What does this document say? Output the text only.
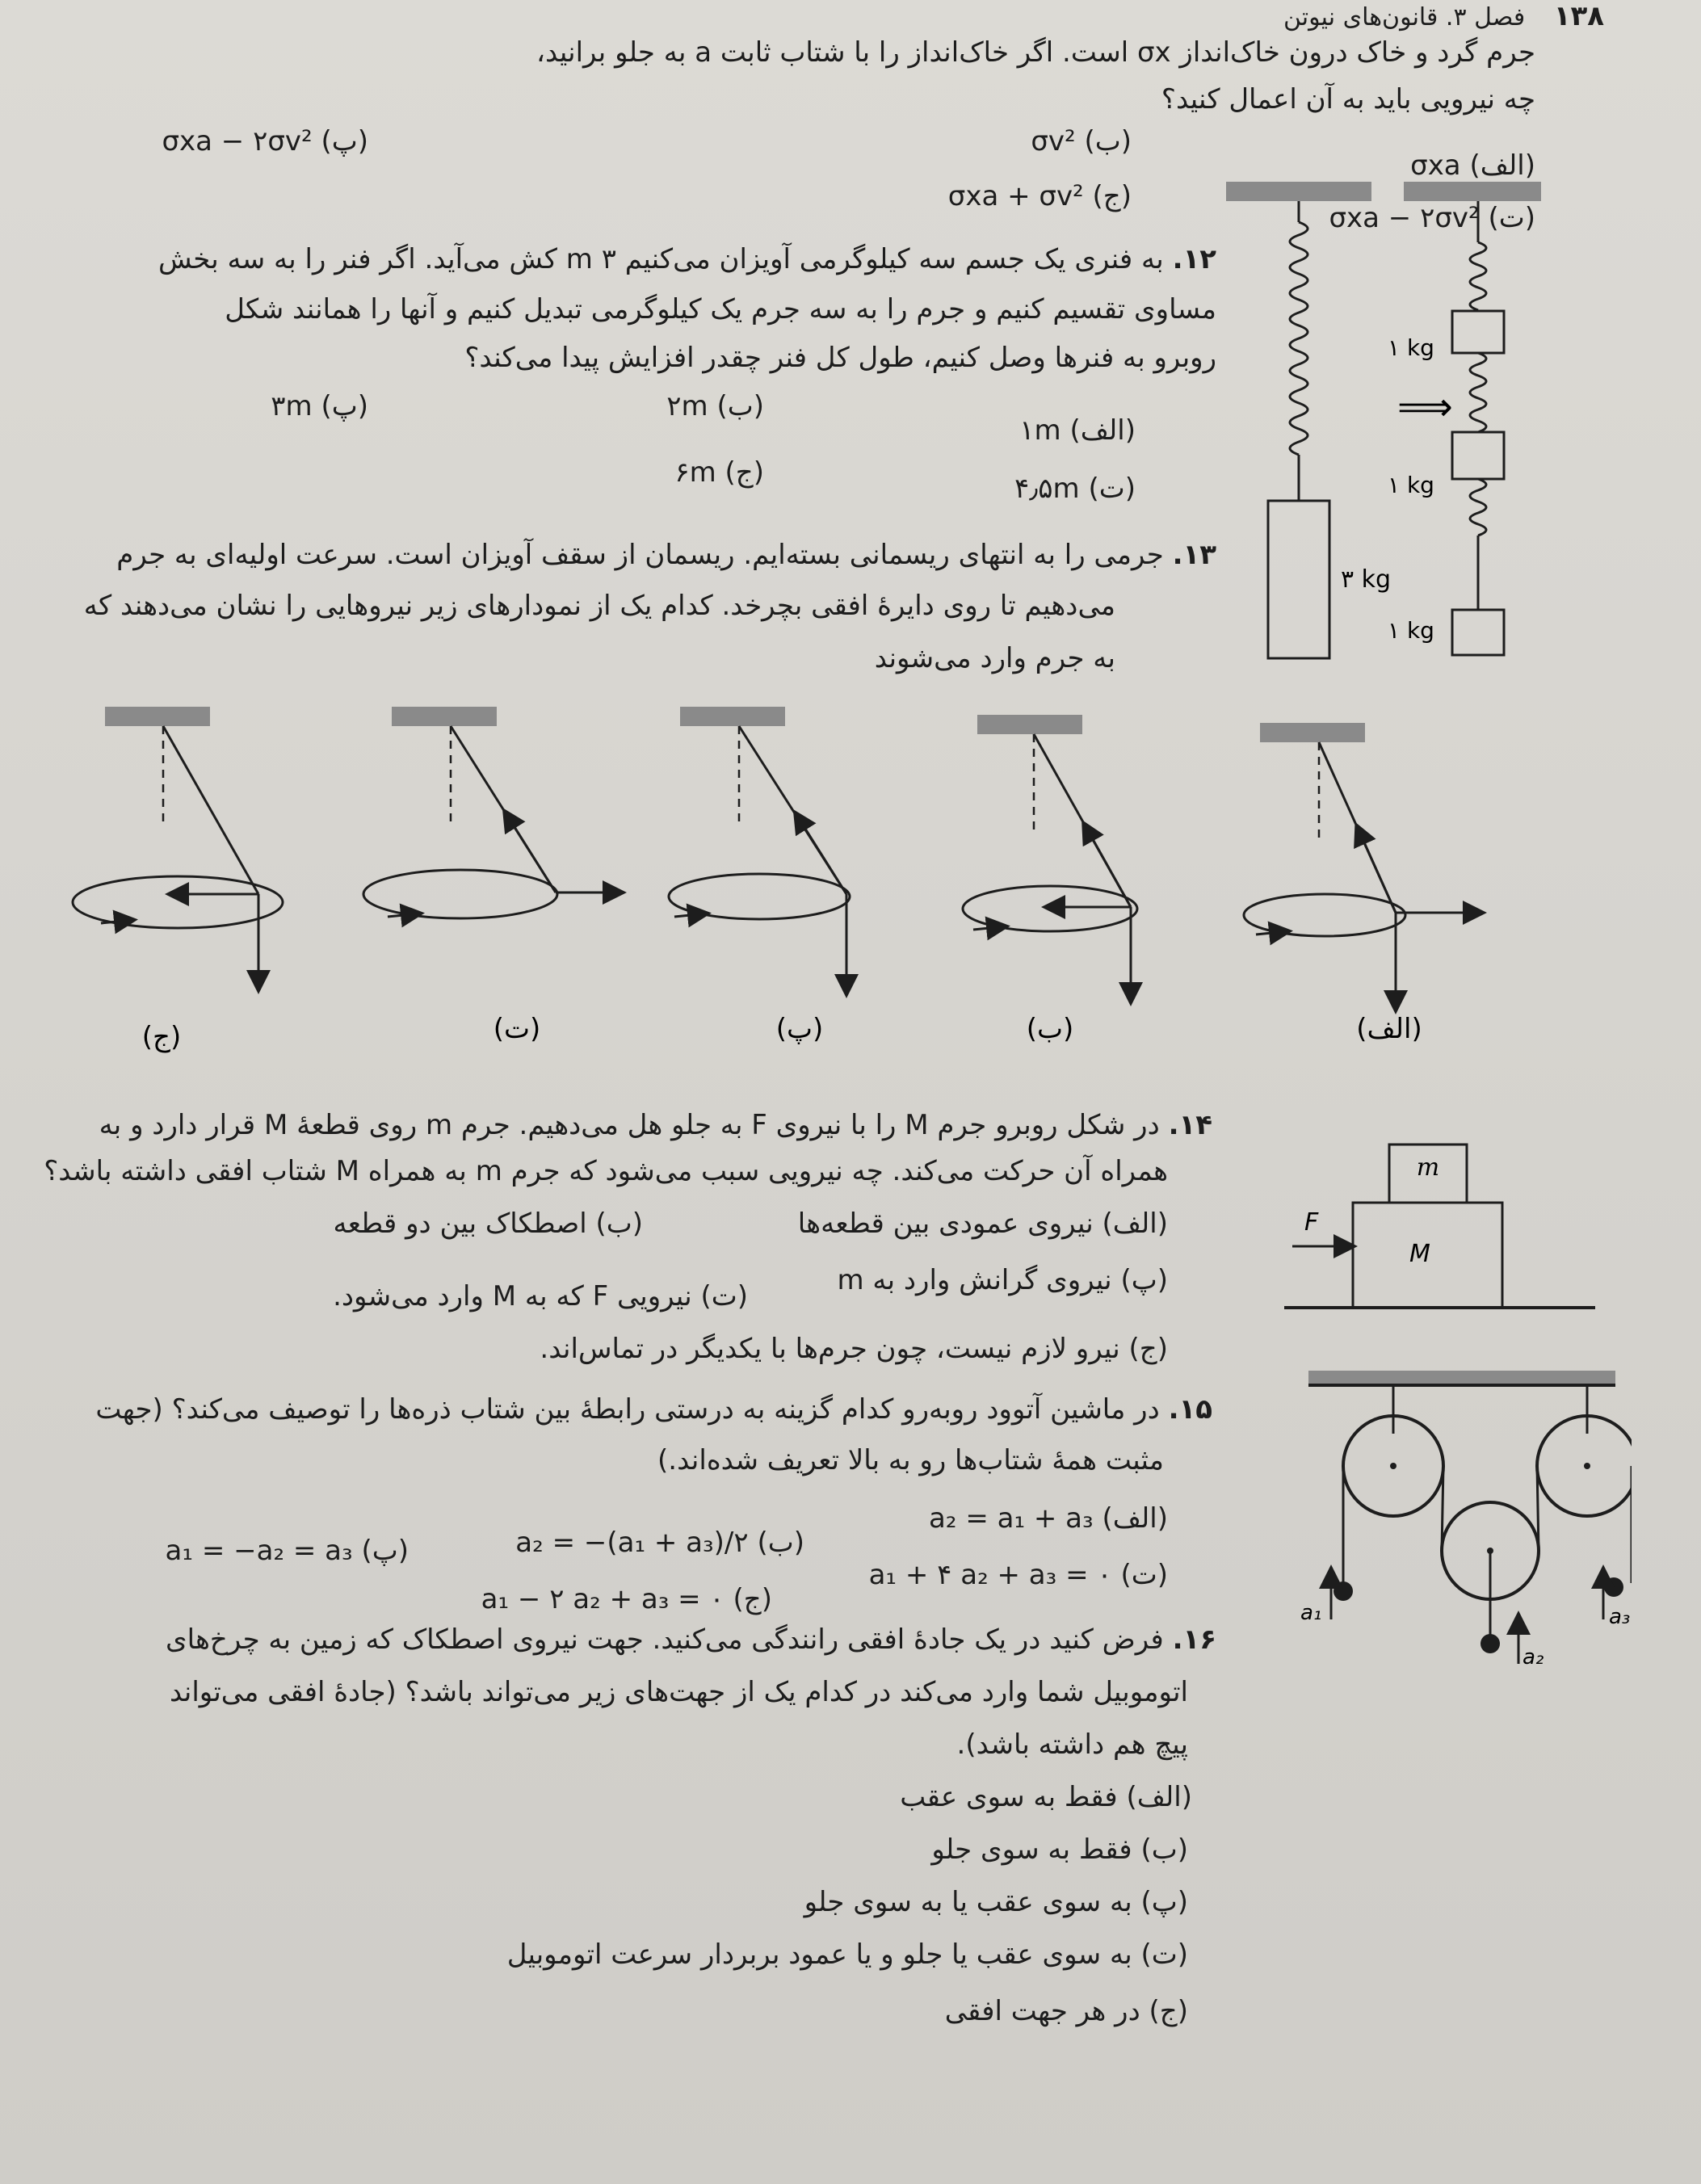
۱۳۸   فصل ۳. قانون‌های نیوتن
جرم گرد و خاک درون خاک‌انداز σx است. اگر خاک‌انداز را با شتاب ثابت a به جلو برانید،
چه نیرویی باید به آن اعمال کنید؟
(ب) σv²
(پ) σxa − ۲σv²
(الف) σxa
(ج) σxa + σv²
(ت) σxa − ۲σv²
۱۲. به فنری یک جسم سه کیلوگرمی آویزان می‌کنیم m ۳ کش می‌آید. اگر فنر را به سه بخش
مساوی تقسیم کنیم و جرم را به سه جرم یک کیلوگرمی تبدیل کنیم و آنها را همانند شکل
روبرو به فنرها وصل کنیم، طول کل فنر چقدر افزایش پیدا می‌کند؟
(ب) ۲m
(پ) ۳m
(الف) ۱m
(ج) ۶m	(ت) ۴٫۵m
۳ kg
⟹
۱ kg
۱ kg
۱ kg
۱۳. جرمی را به انتهای ریسمانی بسته‌ایم. ریسمان از سقف آویزان است. سرعت اولیه‌ای به جرم
می‌دهیم تا روی دایرهٔ افقی بچرخد. کدام یک از نمودارهای زیر نیروهایی را نشان می‌دهند که
به جرم وارد می‌شوند
(ج)	(ت)	(پ)	(ب)	(الف)
۱۴. در شکل روبرو جرم M را با نیروی F به جلو هل می‌دهیم. جرم m روی قطعهٔ M قرار دارد و به
همراه آن حرکت می‌کند. چه نیرویی سبب می‌شود که جرم m به همراه M شتاب افقی داشته باشد؟
(الف) نیروی عمودی بین قطعه‌ها
(ب) اصطکاک بین دو قطعه
(پ) نیروی گرانش وارد به m
(ت) نیرویی F که به M وارد می‌شود.
(ج) نیرو لازم نیست، چون جرم‌ها با یکدیگر در تماس‌اند.
m
M
F
۱۵. در ماشین آتوود روبه‌رو کدام گزینه به درستی رابطهٔ بین شتاب ذره‌ها را توصیف می‌کند؟ (جهت
مثبت همهٔ شتاب‌ها رو به بالا تعریف شده‌اند.)
(الف) a₂ = a₁ + a₃
(ب) a₂ = −(a₁ + a₃)/۲
(پ) a₁ = −a₂ = a₃
(ت) a₁ + ۴ a₂ + a₃ = ۰
(ج) a₁ − ۲ a₂ + a₃ = ۰	a₁	a₃
a₂
۱۶. فرض کنید در یک جادهٔ افقی رانندگی می‌کنید. جهت نیروی اصطکاک که زمین به چرخ‌های
اتوموبیل شما وارد می‌کند در کدام یک از جهت‌های زیر می‌تواند باشد؟ (جادهٔ افقی می‌تواند
پیچ هم داشته باشد).
(الف) فقط به سوی عقب
(ب) فقط به سوی جلو
(پ) به سوی عقب یا به سوی جلو
(ت) به سوی عقب یا جلو و یا عمود بربردار سرعت اتوموبیل
(ج) در هر جهت افقی
